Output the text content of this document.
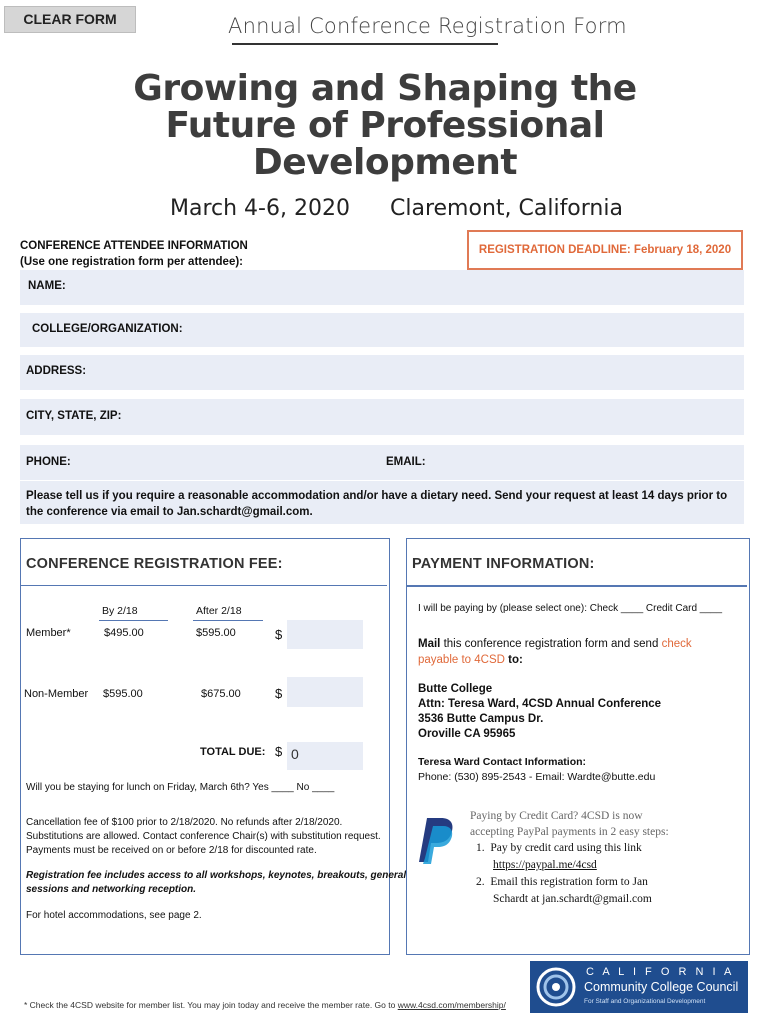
CLEAR FORM	Annual Conference Registration Form
Growing and Shaping the
Future of Professional
Development
March 4-6, 2020 Claremont, California
CONFERENCE ATTENDEE INFORMATION
(Use one registration form per attendee):
REGISTRATION DEADLINE: February 18, 2020
NAME:
COLLEGE/ORGANIZATION:
ADDRESS:
CITY, STATE, ZIP:
PHONE:	EMAIL:
Please tell us if you require a reasonable accommodation and/or have a dietary need. Send your request at least 14 days prior to the conference via email to Jan.schardt@gmail.com.
CONFERENCE REGISTRATION FEE:
By 2/18	After 2/18
Member*	$495.00	$595.00	$
Non-Member $595.00	$675.00	$
TOTAL DUE: $ 0
Will you be staying for lunch on Friday, March 6th? Yes ____ No ____
Cancellation fee of $100 prior to 2/18/2020. No refunds after 2/18/2020.
Substitutions are allowed. Contact conference Chair(s) with substitution request.
Payments must be received on or before 2/18 for discounted rate.
Registration fee includes access to all workshops, keynotes, breakouts, general
sessions and networking reception.
For hotel accommodations, see page 2.
PAYMENT INFORMATION:
I will be paying by (please select one): Check ____ Credit Card ____
Mail this conference registration form and send check
payable to 4CSD to:
Butte College
Attn: Teresa Ward, 4CSD Annual Conference
3536 Butte Campus Dr.
Oroville CA 95965
Teresa Ward Contact Information:
Phone: (530) 895-2543 - Email: Wardte@butte.edu
Paying by Credit Card? 4CSD is now
accepting PayPal payments in 2 easy steps:
1. Pay by credit card using this link
https://paypal.me/4csd
2. Email this registration form to Jan
Schardt at jan.schardt@gmail.com
* Check the 4CSD website for member list. You may join today and receive the member rate. Go to www.4csd.com/membership/
C A L I F O R N I A
Community College Council
For Staff and Organizational Development
